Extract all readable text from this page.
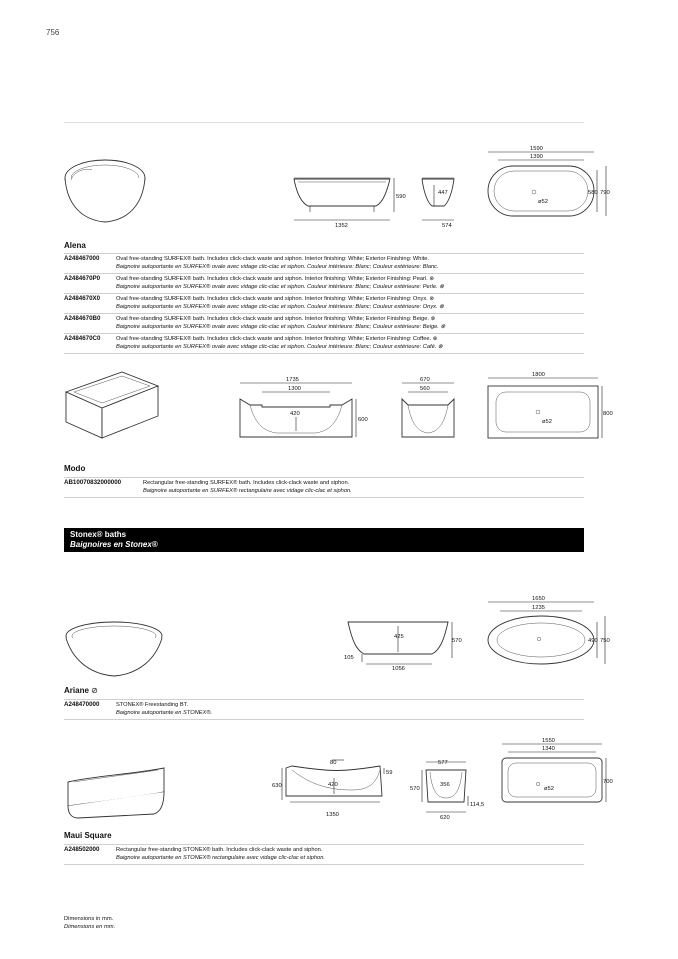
756
590
1352
447
574
1590
1390
ø52
580 790
Alena
A248467000	Oval free-standing SURFEX® bath. Includes click-clack waste and siphon. Interior finishing: White; Exterior Finishing: White.
Baignoire autoportante en SURFEX® ovale avec vidage clic-clac et siphon. Couleur intérieure: Blanc; Couleur extérieure: Blanc.
A2484670P0	Oval free-standing SURFEX® bath. Includes click-clack waste and siphon. Interior finishing: White; Exterior Finishing: Pearl. ⊗
Baignoire autoportante en SURFEX® ovale avec vidage clic-clac et siphon. Couleur intérieure: Blanc; Couleur extérieure: Perle. ⊗
A2484670X0	Oval free-standing SURFEX® bath. Includes click-clack waste and siphon. Interior finishing: White; Exterior Finishing: Onyx. ⊗
Baignoire autoportante en SURFEX® ovale avec vidage clic-clac et siphon. Couleur intérieure: Blanc; Couleur extérieure: Onyx. ⊗
A2484670B0	Oval free-standing SURFEX® bath. Includes click-clack waste and siphon. Interior finishing: White; Exterior Finishing: Beige. ⊗
Baignoire autoportante en SURFEX® ovale avec vidage clic-clac et siphon. Couleur intérieure: Blanc; Couleur extérieure: Beige. ⊗
A2484670C0	Oval free-standing SURFEX® bath. Includes click-clack waste and siphon. Interior finishing: White; Exterior Finishing: Coffee. ⊗
Baignoire autoportante en SURFEX® ovale avec vidage clic-clac et siphon. Couleur intérieure: Blanc; Couleur extérieure: Café. ⊗
1735
1300
420
600
670
560
1800
ø52
800
Modo
AB10070832000000	Rectangular free-standing SURFEX® bath. Includes click-clack waste and siphon.
Baignoire autoportante en SURFEX® rectangulaire avec vidage clic-clac et siphon.
Stonex® baths
Baignoires en Stonex®
425
570
105
1056
1650
1235
490 750
Ariane ⊘
A248470000	STONEX® Freestanding BT.
Baignoire autoportante en STONEX®.
80
59
630	420
1350
577
570
356
114,5
620
1550
1340
ø52
700
Maui Square
A248502000	Rectangular free-standing STONEX® bath. Includes click-clack waste and siphon.
Baignoire autoportante en STONEX® rectangulaire avec vidage clic-clac et siphon.
Dimensions in mm.
Dimensions en mm.
